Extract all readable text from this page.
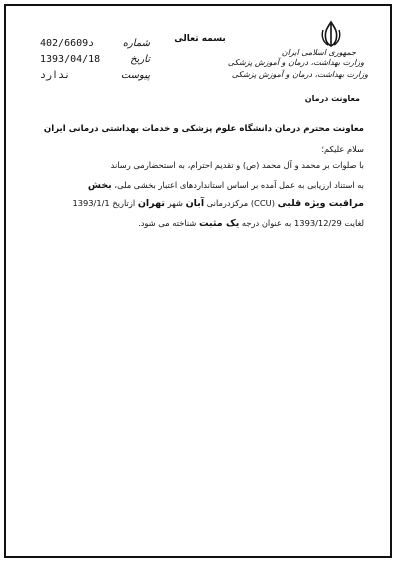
بسمه تعالی
جمهوری اسلامی ایران
وزارت بهداشت، درمان و آموزش پزشکی
وزارت بهداشت، درمان و آموزش پزشکی
معاونت درمان
شماره
402/6609د
تاریخ
1393/04/18
پیوست
ندارد
معاونت محترم درمان دانشگاه علوم پزشکی و خدمات بهداشتی درمانی ایران
سلام علیکم؛
با صلوات بر محمد و آل محمد (ص) و تقدیم احترام، به استحضارمی رساند
به استناد ارزیابی به عمل آمده بر اساس استانداردهای اعتبار بخشی ملی، بخش
مراقبت ویژه قلبی (CCU) مرکزدرمانی آبان شهر تهران ازتاریخ 1393/1/1
لغایت 1393/12/29 به عنوان درجه یک مثبت شناخته می شود.
